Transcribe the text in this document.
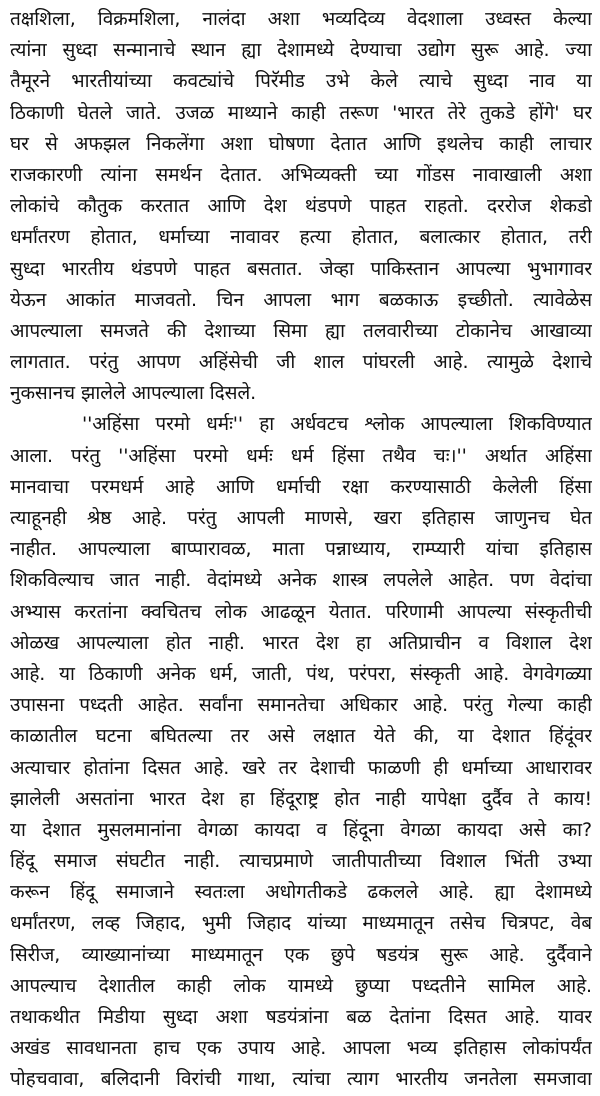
तक्षशिला, विक्रमशिला, नालंदा अशा भव्यदिव्य वेदशाला उध्वस्त केल्या
त्यांना सुध्दा सन्मानाचे स्थान ह्या देशामध्ये देण्याचा उद्योग सुरू आहे. ज्या
तैमूरने भारतीयांच्या कवट्यांचे पिरॅमीड उभे केले त्याचे सुध्दा नाव या
ठिकाणी घेतले जाते. उजळ माथ्याने काही तरूण 'भारत तेरे तुकडे होंगे' घर
घर से अफझल निकलेंगा अशा घोषणा देतात आणि इथलेच काही लाचार
राजकारणी त्यांना समर्थन देतात. अभिव्यक्ती च्या गोंडस नावाखाली अशा
लोकांचे कौतुक करतात आणि देश थंडपणे पाहत राहतो. दररोज शेकडो
धर्मांतरण होतात, धर्माच्या नावावर हत्या होतात, बलात्कार होतात, तरी
सुध्दा भारतीय थंडपणे पाहत बसतात. जेव्हा पाकिस्तान आपल्या भुभागावर
येऊन आकांत माजवतो. चिन आपला भाग बळकाऊ इच्छीतो. त्यावेळेस
आपल्याला समजते की देशाच्या सिमा ह्या तलवारीच्या टोकानेच आखाव्या
लागतात. परंतु आपण अहिंसेची जी शाल पांघरली आहे. त्यामुळे देशाचे
नुकसानच झालेले आपल्याला दिसले.
''अहिंसा परमो धर्मः'' हा अर्धवटच श्लोक आपल्याला शिकविण्यात
आला. परंतु ''अहिंसा परमो धर्मः धर्म हिंसा तथैव चः।'' अर्थात अहिंसा
मानवाचा परमधर्म आहे आणि धर्माची रक्षा करण्यासाठी केलेली हिंसा
त्याहूनही श्रेष्ठ आहे. परंतु आपली माणसे, खरा इतिहास जाणुनच घेत
नाहीत. आपल्याला बाप्पारावळ, माता पन्नाध्याय, राम्प्यारी यांचा इतिहास
शिकविल्याच जात नाही. वेदांमध्ये अनेक शास्त्र लपलेले आहेत. पण वेदांचा
अभ्यास करतांना क्वचितच लोक आढळून येतात. परिणामी आपल्या संस्कृतीची
ओळख आपल्याला होत नाही. भारत देश हा अतिप्राचीन व विशाल देश
आहे. या ठिकाणी अनेक धर्म, जाती, पंथ, परंपरा, संस्कृती आहे. वेगवेगळ्या
उपासना पध्दती आहेत. सर्वांना समानतेचा अधिकार आहे. परंतु गेल्या काही
काळातील घटना बघितल्या तर असे लक्षात येते की, या देशात हिंदूंवर
अत्याचार होतांना दिसत आहे. खरे तर देशाची फाळणी ही धर्माच्या आधारावर
झालेली असतांना भारत देश हा हिंदूराष्ट्र होत नाही यापेक्षा दुर्दैव ते काय!
या देशात मुसलमानांना वेगळा कायदा व हिंदूना वेगळा कायदा असे का?
हिंदू समाज संघटीत नाही. त्याचप्रमाणे जातीपातीच्या विशाल भिंती उभ्या
करून हिंदू समाजाने स्वतःला अधोगतीकडे ढकलले आहे. ह्या देशामध्ये
धर्मांतरण, लव्ह जिहाद, भुमी जिहाद यांच्या माध्यमातून तसेच चित्रपट, वेब
सिरीज, व्याख्यानांच्या माध्यमातून एक छुपे षडयंत्र सुरू आहे. दुर्दैवाने
आपल्याच देशातील काही लोक यामध्ये छुप्या पध्दतीने सामिल आहे.
तथाकथीत मिडीया सुध्दा अशा षडयंत्रांना बळ देतांना दिसत आहे. यावर
अखंड सावधानता हाच एक उपाय आहे. आपला भव्य इतिहास लोकांपर्यंत
पोहचवावा, बलिदानी विरांची गाथा, त्यांचा त्याग भारतीय जनतेला समजावा
